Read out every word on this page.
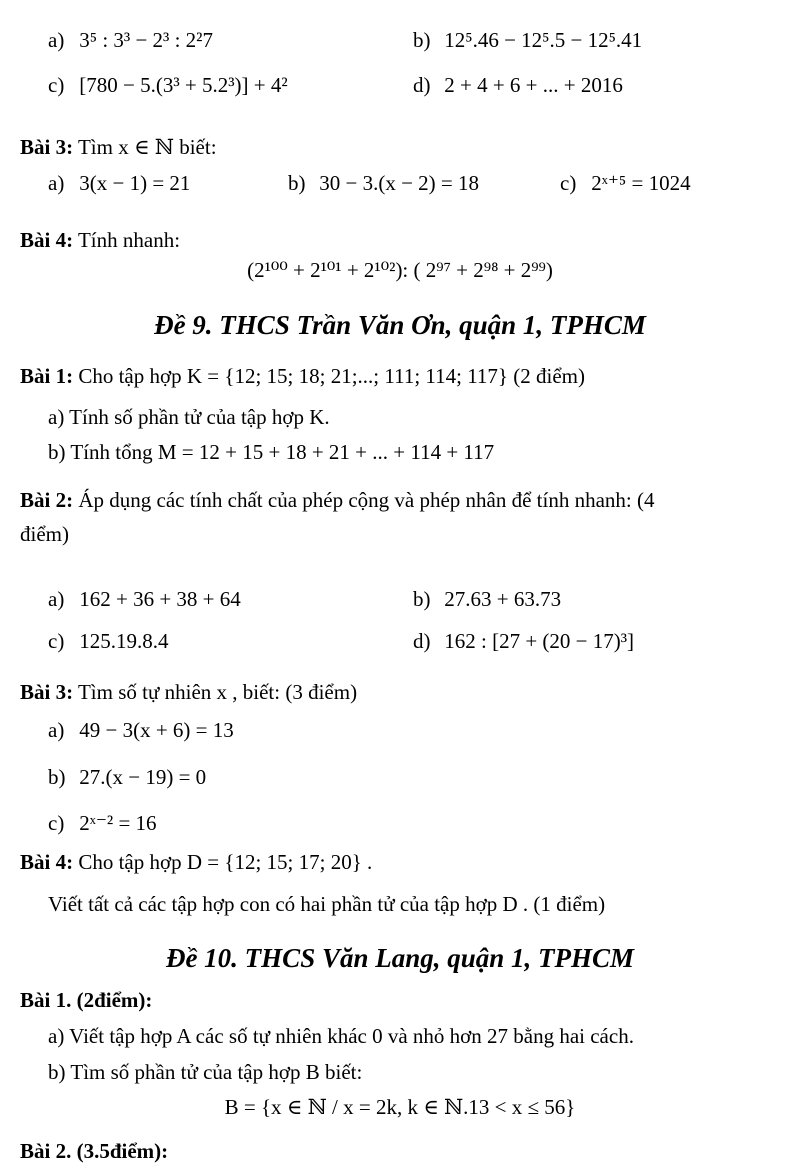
a) 3⁵ : 3³ − 2³ : 2²7	b) 12⁵.46 − 12⁵.5 − 12⁵.41
c) [780 − 5.(3³ + 5.2³)] + 4²	d) 2 + 4 + 6 + ... + 2016
Bài 3: Tìm x ∈ ℕ biết:
a) 3(x − 1) = 21	b) 30 − 3.(x − 2) = 18	c) 2ˣ⁺⁵ = 1024
Bài 4: Tính nhanh:
(2¹⁰⁰ + 2¹⁰¹ + 2¹⁰²): ( 2⁹⁷ + 2⁹⁸ + 2⁹⁹)
Đề 9. THCS Trần Văn Ơn, quận 1, TPHCM
Bài 1: Cho tập hợp K = {12; 15; 18; 21;...; 111; 114; 117} (2 điểm)
a) Tính số phần tử của tập hợp K.
b) Tính tổng M = 12 + 15 + 18 + 21 + ... + 114 + 117
Bài 2: Áp dụng các tính chất của phép cộng và phép nhân để tính nhanh: (4
điểm)
a) 162 + 36 + 38 + 64	b) 27.63 + 63.73
c) 125.19.8.4	d) 162 : [27 + (20 − 17)³]
Bài 3: Tìm số tự nhiên x , biết: (3 điểm)
a) 49 − 3(x + 6) = 13
b) 27.(x − 19) = 0
c) 2ˣ⁻² = 16
Bài 4: Cho tập hợp D = {12; 15; 17; 20} .
Viết tất cả các tập hợp con có hai phần tử của tập hợp D . (1 điểm)
Đề 10. THCS Văn Lang, quận 1, TPHCM
Bài 1. (2điểm):
a) Viết tập hợp A các số tự nhiên khác 0 và nhỏ hơn 27 bằng hai cách.
b) Tìm số phần tử của tập hợp B biết:
B = {x ∈ ℕ / x = 2k, k ∈ ℕ.13 < x ≤ 56}
Bài 2. (3.5điểm):
